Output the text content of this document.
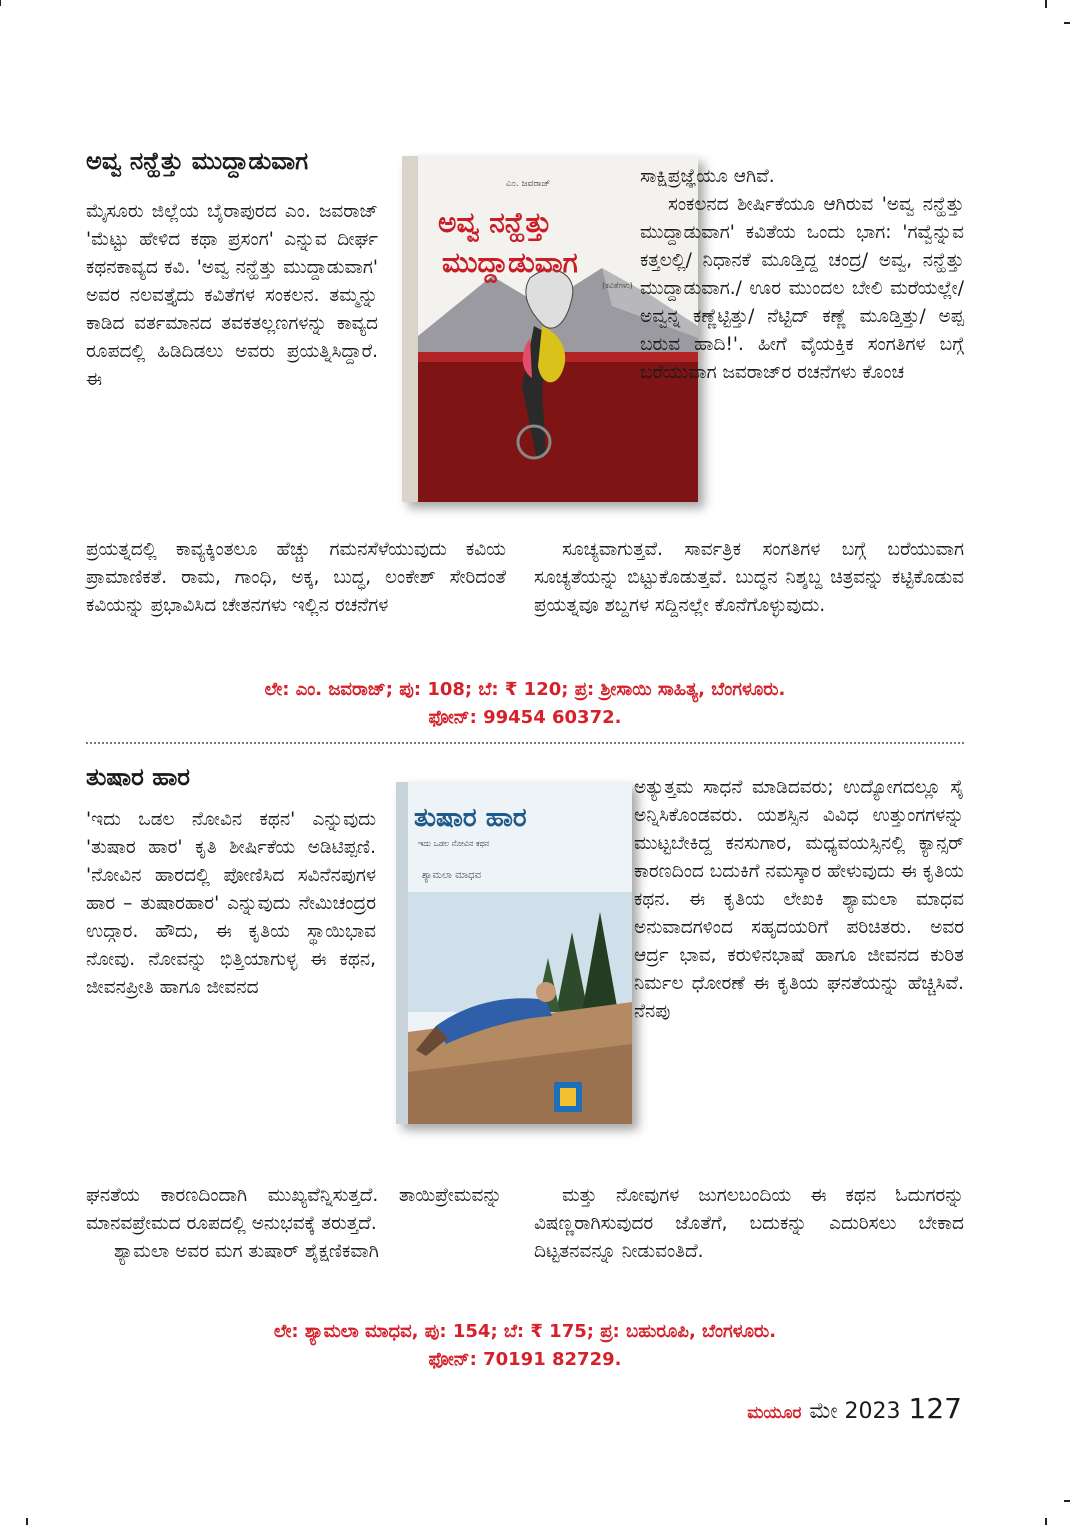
ಅವ್ವ ನನ್ಹೆತ್ತು ಮುದ್ದಾಡುವಾಗ

ಮೈಸೂರು ಜಿಲ್ಲೆಯ ಬೈರಾಪುರದ ಎಂ. ಜವರಾಜ್ 'ಮೆಟ್ಟು ಹೇಳಿದ ಕಥಾ ಪ್ರಸಂಗ' ಎನ್ನುವ ದೀರ್ಘ ಕಥನಕಾವ್ಯದ ಕವಿ. 'ಅವ್ವ ನನ್ಹೆತ್ತು ಮುದ್ದಾಡುವಾಗ' ಅವರ ನಲವತ್ತೈದು ಕವಿತೆಗಳ ಸಂಕಲನ. ತಮ್ಮನ್ನು ಕಾಡಿದ ವರ್ತಮಾನದ ತವಕತಲ್ಲಣಗಳನ್ನು ಕಾವ್ಯದ ರೂಪದಲ್ಲಿ ಹಿಡಿದಿಡಲು ಅವರು ಪ್ರಯತ್ನಿಸಿದ್ದಾರೆ. ಈ

ಎಂ. ಜವರಾಜ್
ಅವ್ವ ನನ್ಹೆತ್ತು
ಮುದ್ದಾಡುವಾಗ
(ಕವಿತೆಗಳು)

ಸಾಕ್ಷಿಪ್ರಜ್ಞೆಯೂ ಆಗಿವೆ.

ಸಂಕಲನದ ಶೀರ್ಷಿಕೆಯೂ ಆಗಿರುವ 'ಅವ್ವ ನನ್ಹೆತ್ತು ಮುದ್ದಾಡುವಾಗ' ಕವಿತೆಯ ಒಂದು ಭಾಗ: 'ಗವ್ವೆನ್ನುವ ಕತ್ತಲಲ್ಲಿ/ ನಿಧಾನಕೆ ಮೂಡ್ತಿದ್ದ ಚಂದ್ರ/ ಅವ್ವ, ನನ್ಹೆತ್ತು ಮುದ್ದಾಡುವಾಗ./ ಊರ ಮುಂದಲ ಬೇಲಿ ಮರೆಯಲ್ಲೇ/ ಅವ್ವನ್ನ ಕಣ್ಣೆಟ್ಟಿತ್ತು/ ನೆಟ್ಟಿದ್ ಕಣ್ಣೆ ಮೂಡ್ತಿತ್ತು/ ಅಪ್ಪ ಬರುವ ಹಾದಿ!'. ಹೀಗೆ ವೈಯಕ್ತಿಕ ಸಂಗತಿಗಳ ಬಗ್ಗೆ ಬರೆಯುವಾಗ ಜವರಾಜ್‌ರ ರಚನೆಗಳು ಕೊಂಚ

ಪ್ರಯತ್ನದಲ್ಲಿ ಕಾವ್ಯಕ್ಕಿಂತಲೂ ಹೆಚ್ಚು ಗಮನಸೆಳೆಯುವುದು ಕವಿಯ ಪ್ರಾಮಾಣಿಕತೆ. ರಾಮ, ಗಾಂಧಿ, ಅಕ್ಕ, ಬುದ್ಧ, ಲಂಕೇಶ್ ಸೇರಿದಂತೆ ಕವಿಯನ್ನು ಪ್ರಭಾವಿಸಿದ ಚೇತನಗಳು ಇಲ್ಲಿನ ರಚನೆಗಳ

ಸೂಚ್ಯವಾಗುತ್ತವೆ. ಸಾರ್ವತ್ರಿಕ ಸಂಗತಿಗಳ ಬಗ್ಗೆ ಬರೆಯುವಾಗ ಸೂಚ್ಯತೆಯನ್ನು ಬಿಟ್ಟುಕೊಡುತ್ತವೆ. ಬುದ್ಧನ ನಿಶ್ಶಬ್ದ ಚಿತ್ರವನ್ನು ಕಟ್ಟಿಕೊಡುವ ಪ್ರಯತ್ನವೂ ಶಬ್ದಗಳ ಸದ್ದಿನಲ್ಲೇ ಕೊನೆಗೊಳ್ಳುವುದು.

ಲೇ: ಎಂ. ಜವರಾಜ್; ಪು: 108; ಬೆ: ₹ 120; ಪ್ರ: ಶ್ರೀಸಾಯಿ ಸಾಹಿತ್ಯ, ಬೆಂಗಳೂರು.
ಫೋನ್: 99454 60372.
ತುಷಾರ ಹಾರ

'ಇದು ಒಡಲ ನೋವಿನ ಕಥನ' ಎನ್ನುವುದು 'ತುಷಾರ ಹಾರ' ಕೃತಿ ಶೀರ್ಷಿಕೆಯ ಅಡಿಟಿಪ್ಪಣಿ. 'ನೋವಿನ ಹಾರದಲ್ಲಿ ಪೋಣಿಸಿದ ಸವಿನೆನಪುಗಳ ಹಾರ – ತುಷಾರಹಾರ' ಎನ್ನುವುದು ನೇಮಿಚಂದ್ರರ ಉದ್ಗಾರ. ಹೌದು, ಈ ಕೃತಿಯ ಸ್ಥಾಯಿಭಾವ ನೋವು. ನೋವನ್ನು ಭಿತ್ತಿಯಾಗುಳ್ಳ ಈ ಕಥನ, ಜೀವನಪ್ರೀತಿ ಹಾಗೂ ಜೀವನದ

ತುಷಾರ ಹಾರ
ಇದು ಒಡಲ ನೋವಿನ ಕಥನ
ಶ್ಯಾಮಲಾ ಮಾಧವ

ಅತ್ಯುತ್ತಮ ಸಾಧನೆ ಮಾಡಿದವರು; ಉದ್ಯೋಗದಲ್ಲೂ ಸೈ ಅನ್ನಿಸಿಕೊಂಡವರು. ಯಶಸ್ಸಿನ ವಿವಿಧ ಉತ್ತುಂಗಗಳನ್ನು ಮುಟ್ಟಬೇಕಿದ್ದ ಕನಸುಗಾರ, ಮಧ್ಯವಯಸ್ಸಿನಲ್ಲಿ ಕ್ಯಾನ್ಸರ್ ಕಾರಣದಿಂದ ಬದುಕಿಗೆ ನಮಸ್ಕಾರ ಹೇಳುವುದು ಈ ಕೃತಿಯ ಕಥನ. ಈ ಕೃತಿಯ ಲೇಖಕಿ ಶ್ಯಾಮಲಾ ಮಾಧವ ಅನುವಾದಗಳಿಂದ ಸಹೃದಯರಿಗೆ ಪರಿಚಿತರು. ಅವರ ಆರ್ದ್ರ ಭಾವ, ಕರುಳಿನಭಾಷೆ ಹಾಗೂ ಜೀವನದ ಕುರಿತ ನಿರ್ಮಲ ಧೋರಣೆ ಈ ಕೃತಿಯ ಘನತೆಯನ್ನು ಹೆಚ್ಚಿಸಿವೆ. ನೆನಪು

ಘನತೆಯ ಕಾರಣದಿಂದಾಗಿ ಮುಖ್ಯವೆನ್ನಿಸುತ್ತದೆ. ತಾಯಿಪ್ರೇಮವನ್ನು ಮಾನವಪ್ರೇಮದ ರೂಪದಲ್ಲಿ ಅನುಭವಕ್ಕೆ ತರುತ್ತದೆ.

ಶ್ಯಾಮಲಾ ಅವರ ಮಗ ತುಷಾರ್ ಶೈಕ್ಷಣಿಕವಾಗಿ

ಮತ್ತು ನೋವುಗಳ ಜುಗಲಬಂದಿಯ ಈ ಕಥನ ಓದುಗರನ್ನು ವಿಷಣ್ಣರಾಗಿಸುವುದರ ಜೊತೆಗೆ, ಬದುಕನ್ನು ಎದುರಿಸಲು ಬೇಕಾದ ದಿಟ್ಟತನವನ್ನೂ ನೀಡುವಂತಿದೆ.

ಲೇ: ಶ್ಯಾಮಲಾ ಮಾಧವ, ಪು: 154; ಬೆ: ₹ 175; ಪ್ರ: ಬಹುರೂಪಿ, ಬೆಂಗಳೂರು.
ಫೋನ್: 70191 82729.
ಮಯೂರ ಮೇ 2023 127
